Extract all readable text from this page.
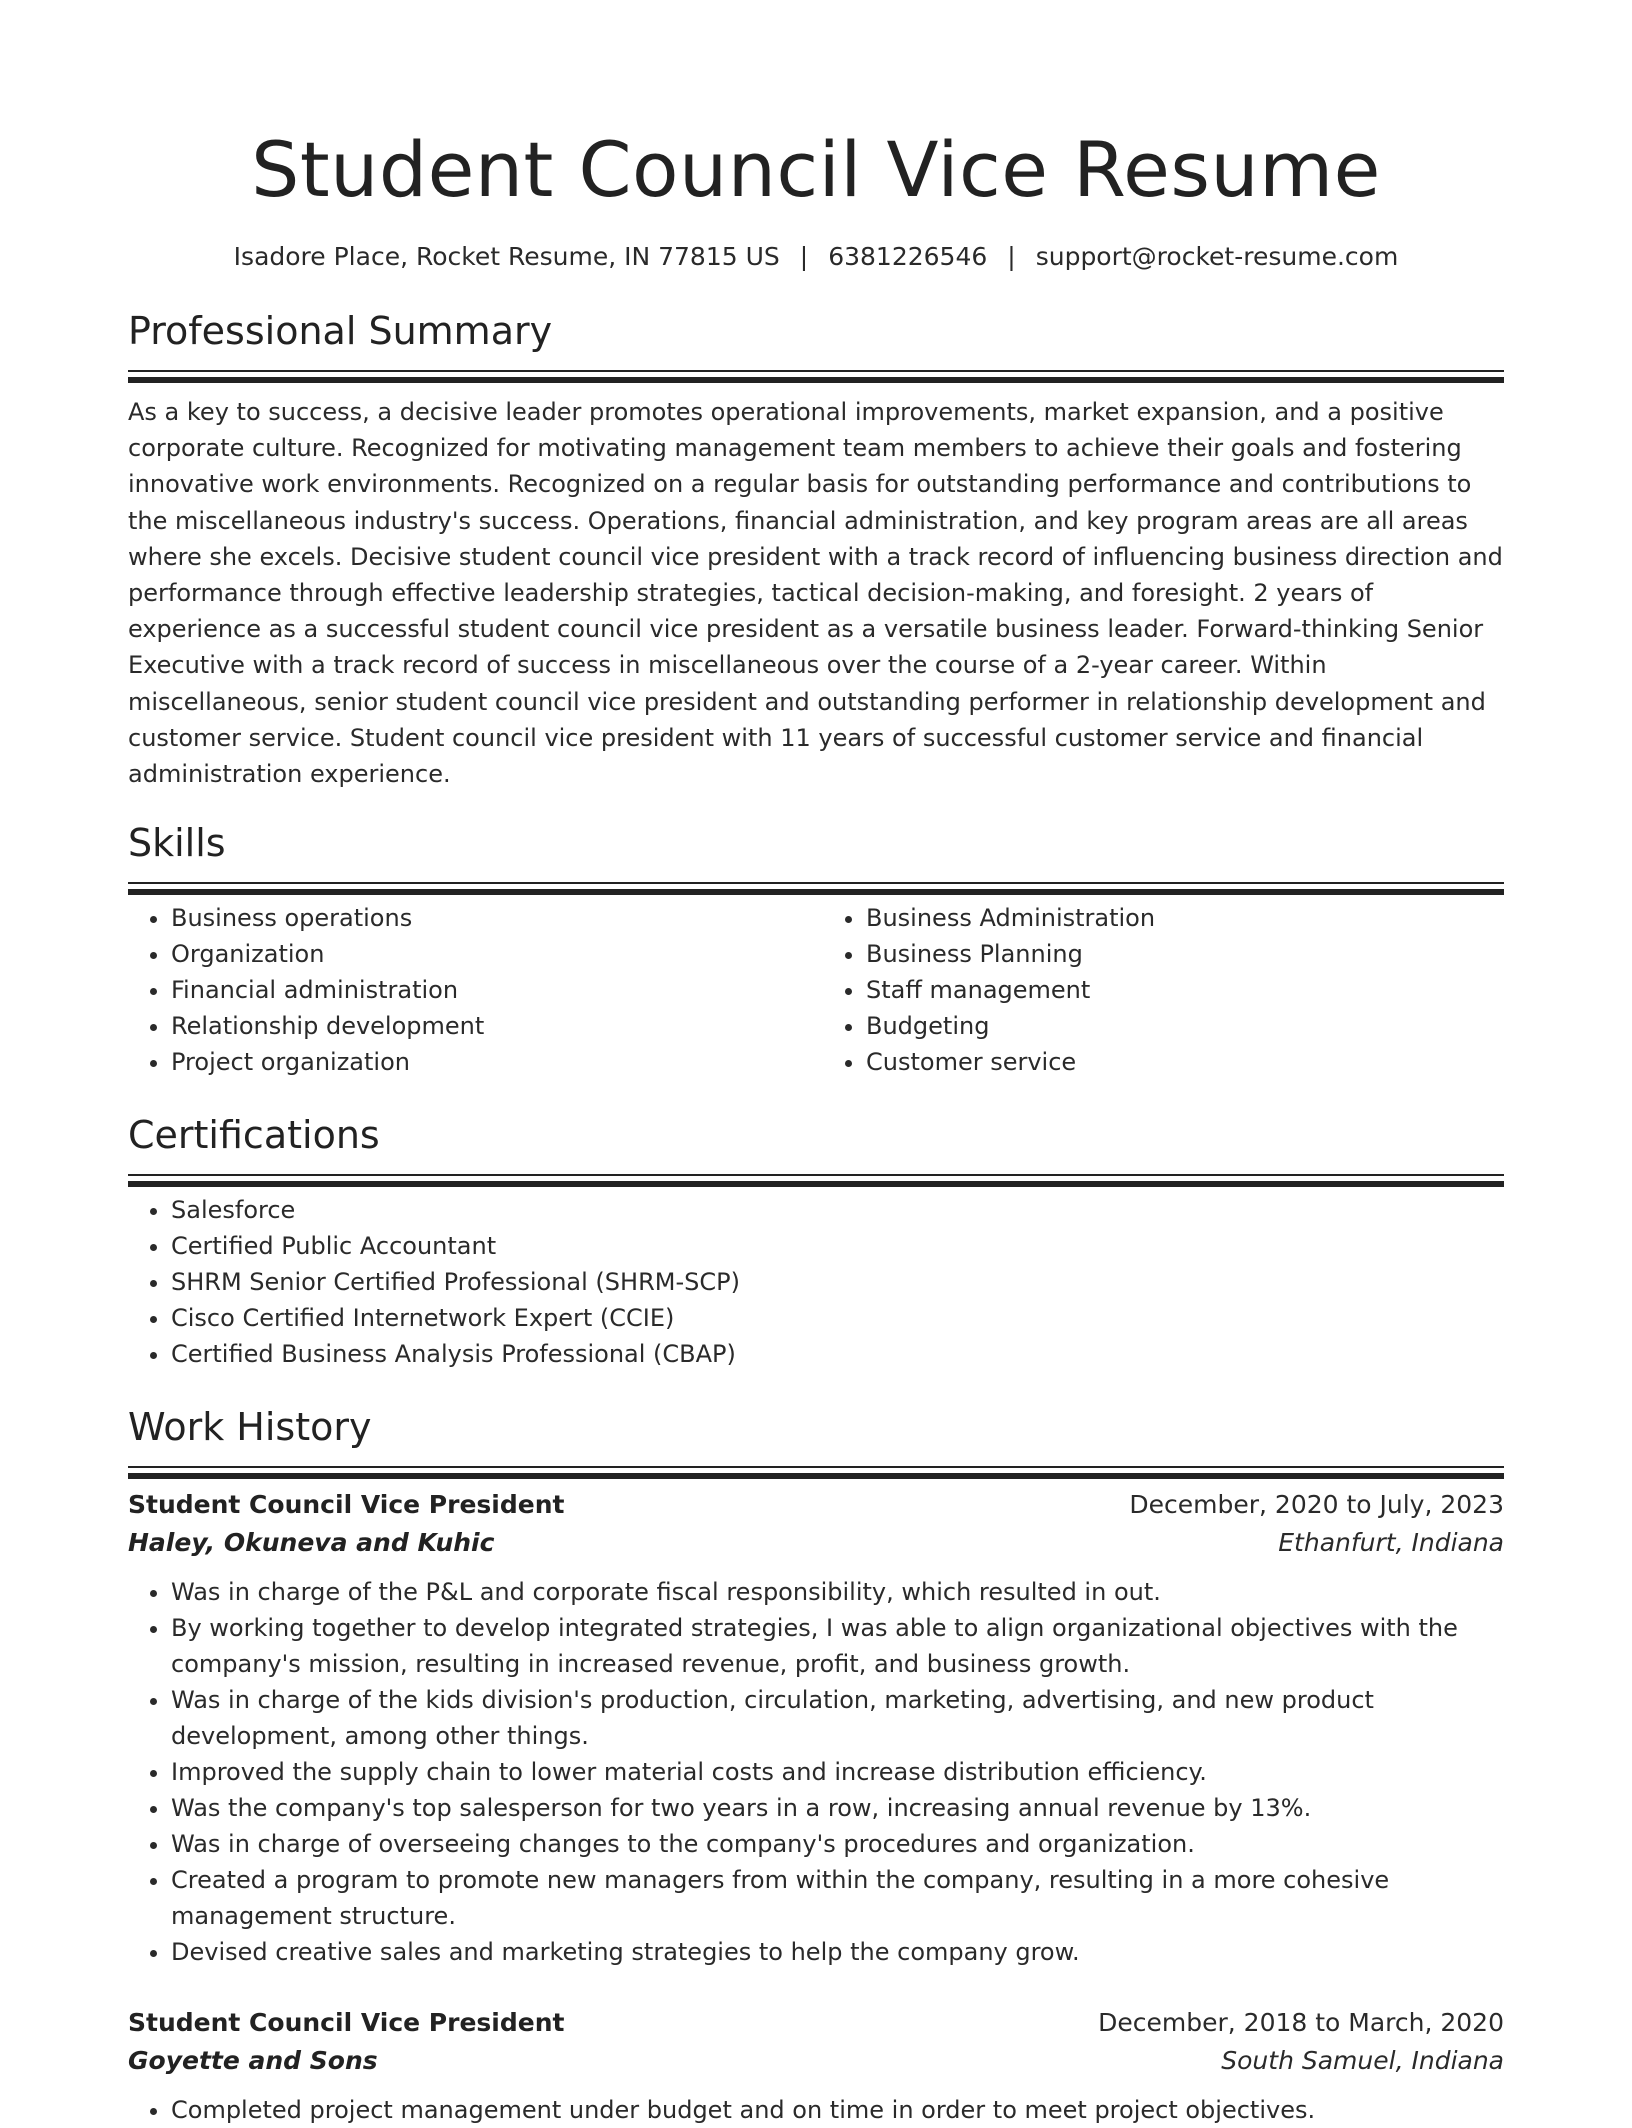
Student Council Vice Resume
Isadore Place, Rocket Resume, IN 77815 US | 6381226546 | support@rocket-resume.com
Professional Summary
As a key to success, a decisive leader promotes operational improvements, market expansion, and a positive corporate culture. Recognized for motivating management team members to achieve their goals and fostering innovative work environments. Recognized on a regular basis for outstanding performance and contributions to the miscellaneous industry's success. Operations, financial administration, and key program areas are all areas where she excels. Decisive student council vice president with a track record of influencing business direction and performance through effective leadership strategies, tactical decision-making, and foresight. 2 years of experience as a successful student council vice president as a versatile business leader. Forward-thinking Senior Executive with a track record of success in miscellaneous over the course of a 2-year career. Within miscellaneous, senior student council vice president and outstanding performer in relationship development and customer service. Student council vice president with 11 years of successful customer service and financial administration experience.
Skills
• Business operations
• Organization
• Financial administration
• Relationship development
• Project organization
• Business Administration
• Business Planning
• Staff management
• Budgeting
• Customer service
Certifications
• Salesforce
• Certified Public Accountant
• SHRM Senior Certified Professional (SHRM-SCP)
• Cisco Certified Internetwork Expert (CCIE)
• Certified Business Analysis Professional (CBAP)
Work History
Student Council Vice President	December, 2020 to July, 2023
Haley, Okuneva and Kuhic	Ethanfurt, Indiana
• Was in charge of the P&L and corporate fiscal responsibility, which resulted in out.
• By working together to develop integrated strategies, I was able to align organizational objectives with the company's mission, resulting in increased revenue, profit, and business growth.
• Was in charge of the kids division's production, circulation, marketing, advertising, and new product development, among other things.
• Improved the supply chain to lower material costs and increase distribution efficiency.
• Was the company's top salesperson for two years in a row, increasing annual revenue by 13%.
• Was in charge of overseeing changes to the company's procedures and organization.
• Created a program to promote new managers from within the company, resulting in a more cohesive management structure.
• Devised creative sales and marketing strategies to help the company grow.
Student Council Vice President	December, 2018 to March, 2020
Goyette and Sons	South Samuel, Indiana
• Completed project management under budget and on time in order to meet project objectives.
